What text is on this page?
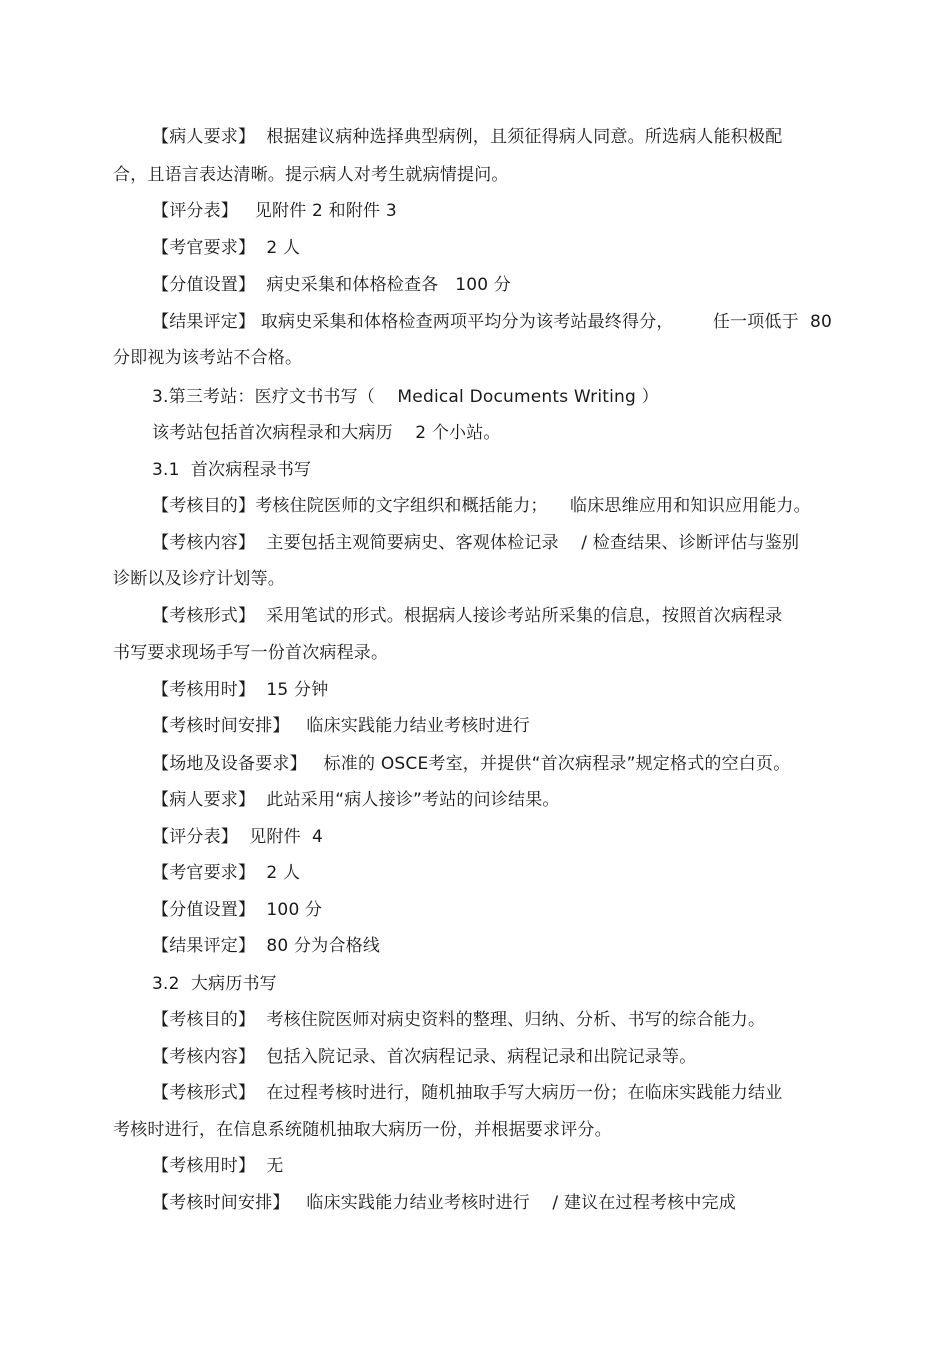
【病人要求】  根据建议病种选择典型病例，且须征得病人同意。所选病人能积极配
合，且语言表达清晰。提示病人对考生就病情提问。
【评分表】   见附件 2 和附件 3
【考官要求】  2 人
【分值设置】  病史采集和体格检查各   100 分
【结果评定】 取病史采集和体格检查两项平均分为该考站最终得分，       任一项低于  80
分即视为该考站不合格。
3.第三考站：医疗文书书写（    Medical Documents Writing ）
该考站包括首次病程录和大病历    2 个小站。
3.1  首次病程录书写
【考核目的】考核住院医师的文字组织和概括能力；    临床思维应用和知识应用能力。
【考核内容】  主要包括主观简要病史、客观体检记录    / 检查结果、诊断评估与鉴别
诊断以及诊疗计划等。
【考核形式】  采用笔试的形式。根据病人接诊考站所采集的信息，按照首次病程录
书写要求现场手写一份首次病程录。
【考核用时】  15 分钟
【考核时间安排】   临床实践能力结业考核时进行
【场地及设备要求】   标准的 OSCE考室，并提供“首次病程录”规定格式的空白页。
【病人要求】  此站采用“病人接诊”考站的问诊结果。
【评分表】  见附件  4
【考官要求】  2 人
【分值设置】  100 分
【结果评定】  80 分为合格线
3.2  大病历书写
【考核目的】  考核住院医师对病史资料的整理、归纳、分析、书写的综合能力。
【考核内容】  包括入院记录、首次病程记录、病程记录和出院记录等。
【考核形式】  在过程考核时进行，随机抽取手写大病历一份；在临床实践能力结业
考核时进行，在信息系统随机抽取大病历一份，并根据要求评分。
【考核用时】  无
【考核时间安排】   临床实践能力结业考核时进行    / 建议在过程考核中完成
